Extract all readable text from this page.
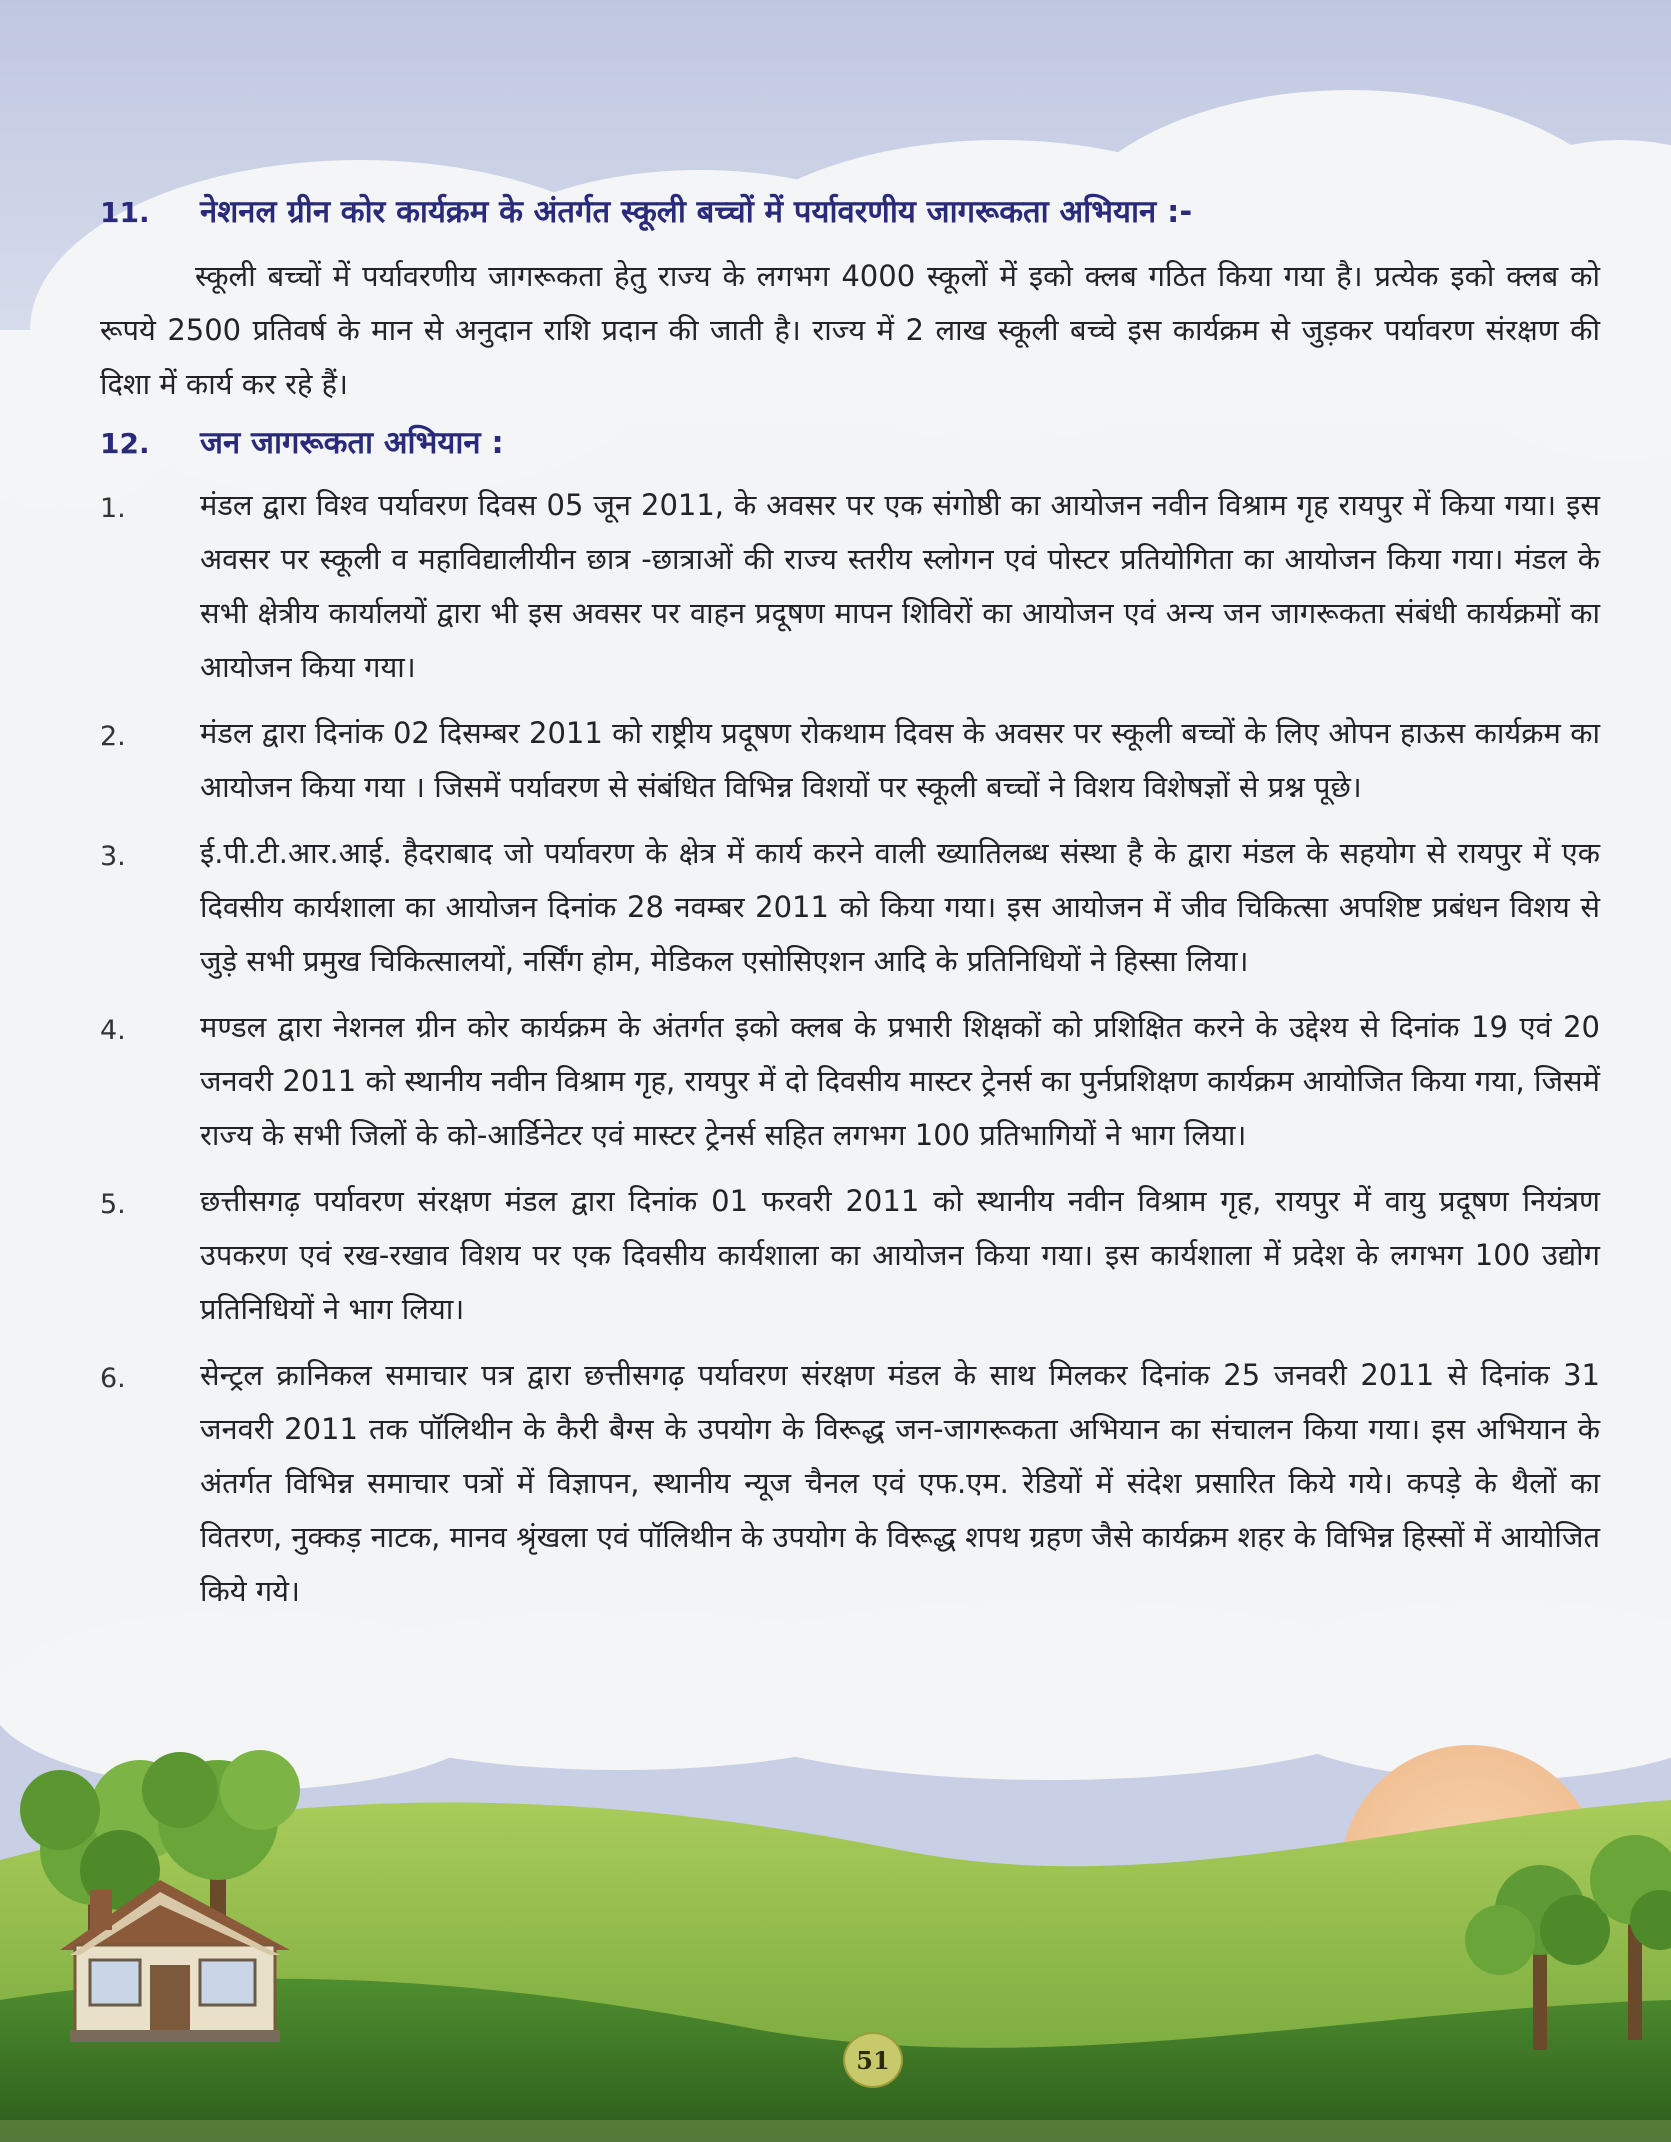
11.	नेशनल ग्रीन कोर कार्यक्रम के अंतर्गत स्कूली बच्चों में पर्यावरणीय जागरूकता अभियान :-

स्कूली बच्चों में पर्यावरणीय जागरूकता हेतु राज्य के लगभग 4000 स्कूलों में इको क्लब गठित किया गया है। प्रत्येक इको क्लब को रूपये 2500 प्रतिवर्ष के मान से अनुदान राशि प्रदान की जाती है। राज्य में 2 लाख स्कूली बच्चे इस कार्यक्रम से जुड़कर पर्यावरण संरक्षण की दिशा में कार्य कर रहे हैं।

12.	जन जागरूकता अभियान :
1.	मंडल द्वारा विश्व पर्यावरण दिवस 05 जून 2011, के अवसर पर एक संगोष्ठी का आयोजन नवीन विश्राम गृह रायपुर में किया गया। इस अवसर पर स्कूली व महाविद्यालीयीन छात्र -छात्राओं की राज्य स्तरीय स्लोगन एवं पोस्टर प्रतियोगिता का आयोजन किया गया। मंडल के सभी क्षेत्रीय कार्यालयों द्वारा भी इस अवसर पर वाहन प्रदूषण मापन शिविरों का आयोजन एवं अन्य जन जागरूकता संबंधी कार्यक्रमों का आयोजन किया गया।
2.	मंडल द्वारा दिनांक 02 दिसम्बर 2011 को राष्ट्रीय प्रदूषण रोकथाम दिवस के अवसर पर स्कूली बच्चों के लिए ओपन हाऊस कार्यक्रम का आयोजन किया गया । जिसमें पर्यावरण से संबंधित विभिन्न विशयों पर स्कूली बच्चों ने विशय विशेषज्ञों से प्रश्न पूछे।
3.	ई.पी.टी.आर.आई. हैदराबाद जो पर्यावरण के क्षेत्र में कार्य करने वाली ख्यातिलब्ध संस्था है के द्वारा मंडल के सहयोग से रायपुर में एक दिवसीय कार्यशाला का आयोजन दिनांक 28 नवम्बर 2011 को किया गया। इस आयोजन में जीव चिकित्सा अपशिष्ट प्रबंधन विशय से जुड़े सभी प्रमुख चिकित्सालयों, नर्सिंग होम, मेडिकल एसोसिएशन आदि के प्रतिनिधियों ने हिस्सा लिया।
4.	मण्डल द्वारा नेशनल ग्रीन कोर कार्यक्रम के अंतर्गत इको क्लब के प्रभारी शिक्षकों को प्रशिक्षित करने के उद्देश्य से दिनांक 19 एवं 20 जनवरी 2011 को स्थानीय नवीन विश्राम गृह, रायपुर में दो दिवसीय मास्टर ट्रेनर्स का पुर्नप्रशिक्षण कार्यक्रम आयोजित किया गया, जिसमें राज्य के सभी जिलों के को-आर्डिनेटर एवं मास्टर ट्रेनर्स सहित लगभग 100 प्रतिभागियों ने भाग लिया।
5.	छत्तीसगढ़ पर्यावरण संरक्षण मंडल द्वारा दिनांक 01 फरवरी 2011 को स्थानीय नवीन विश्राम गृह, रायपुर में वायु प्रदूषण नियंत्रण उपकरण एवं रख-रखाव विशय पर एक दिवसीय कार्यशाला का आयोजन किया गया। इस कार्यशाला में प्रदेश के लगभग 100 उद्योग प्रतिनिधियों ने भाग लिया।
6.	सेन्ट्रल क्रानिकल समाचार पत्र द्वारा छत्तीसगढ़ पर्यावरण संरक्षण मंडल के साथ मिलकर दिनांक 25 जनवरी 2011 से दिनांक 31 जनवरी 2011 तक पॉलिथीन के कैरी बैग्स के उपयोग के विरूद्ध जन-जागरूकता अभियान का संचालन किया गया। इस अभियान के अंतर्गत विभिन्न समाचार पत्रों में विज्ञापन, स्थानीय न्यूज चैनल एवं एफ.एम. रेडियों में संदेश प्रसारित किये गये। कपड़े के थैलों का वितरण, नुक्कड़ नाटक, मानव श्रृंखला एवं पॉलिथीन के उपयोग के विरूद्ध शपथ ग्रहण जैसे कार्यक्रम शहर के विभिन्न हिस्सों में आयोजित किये गये।
51
